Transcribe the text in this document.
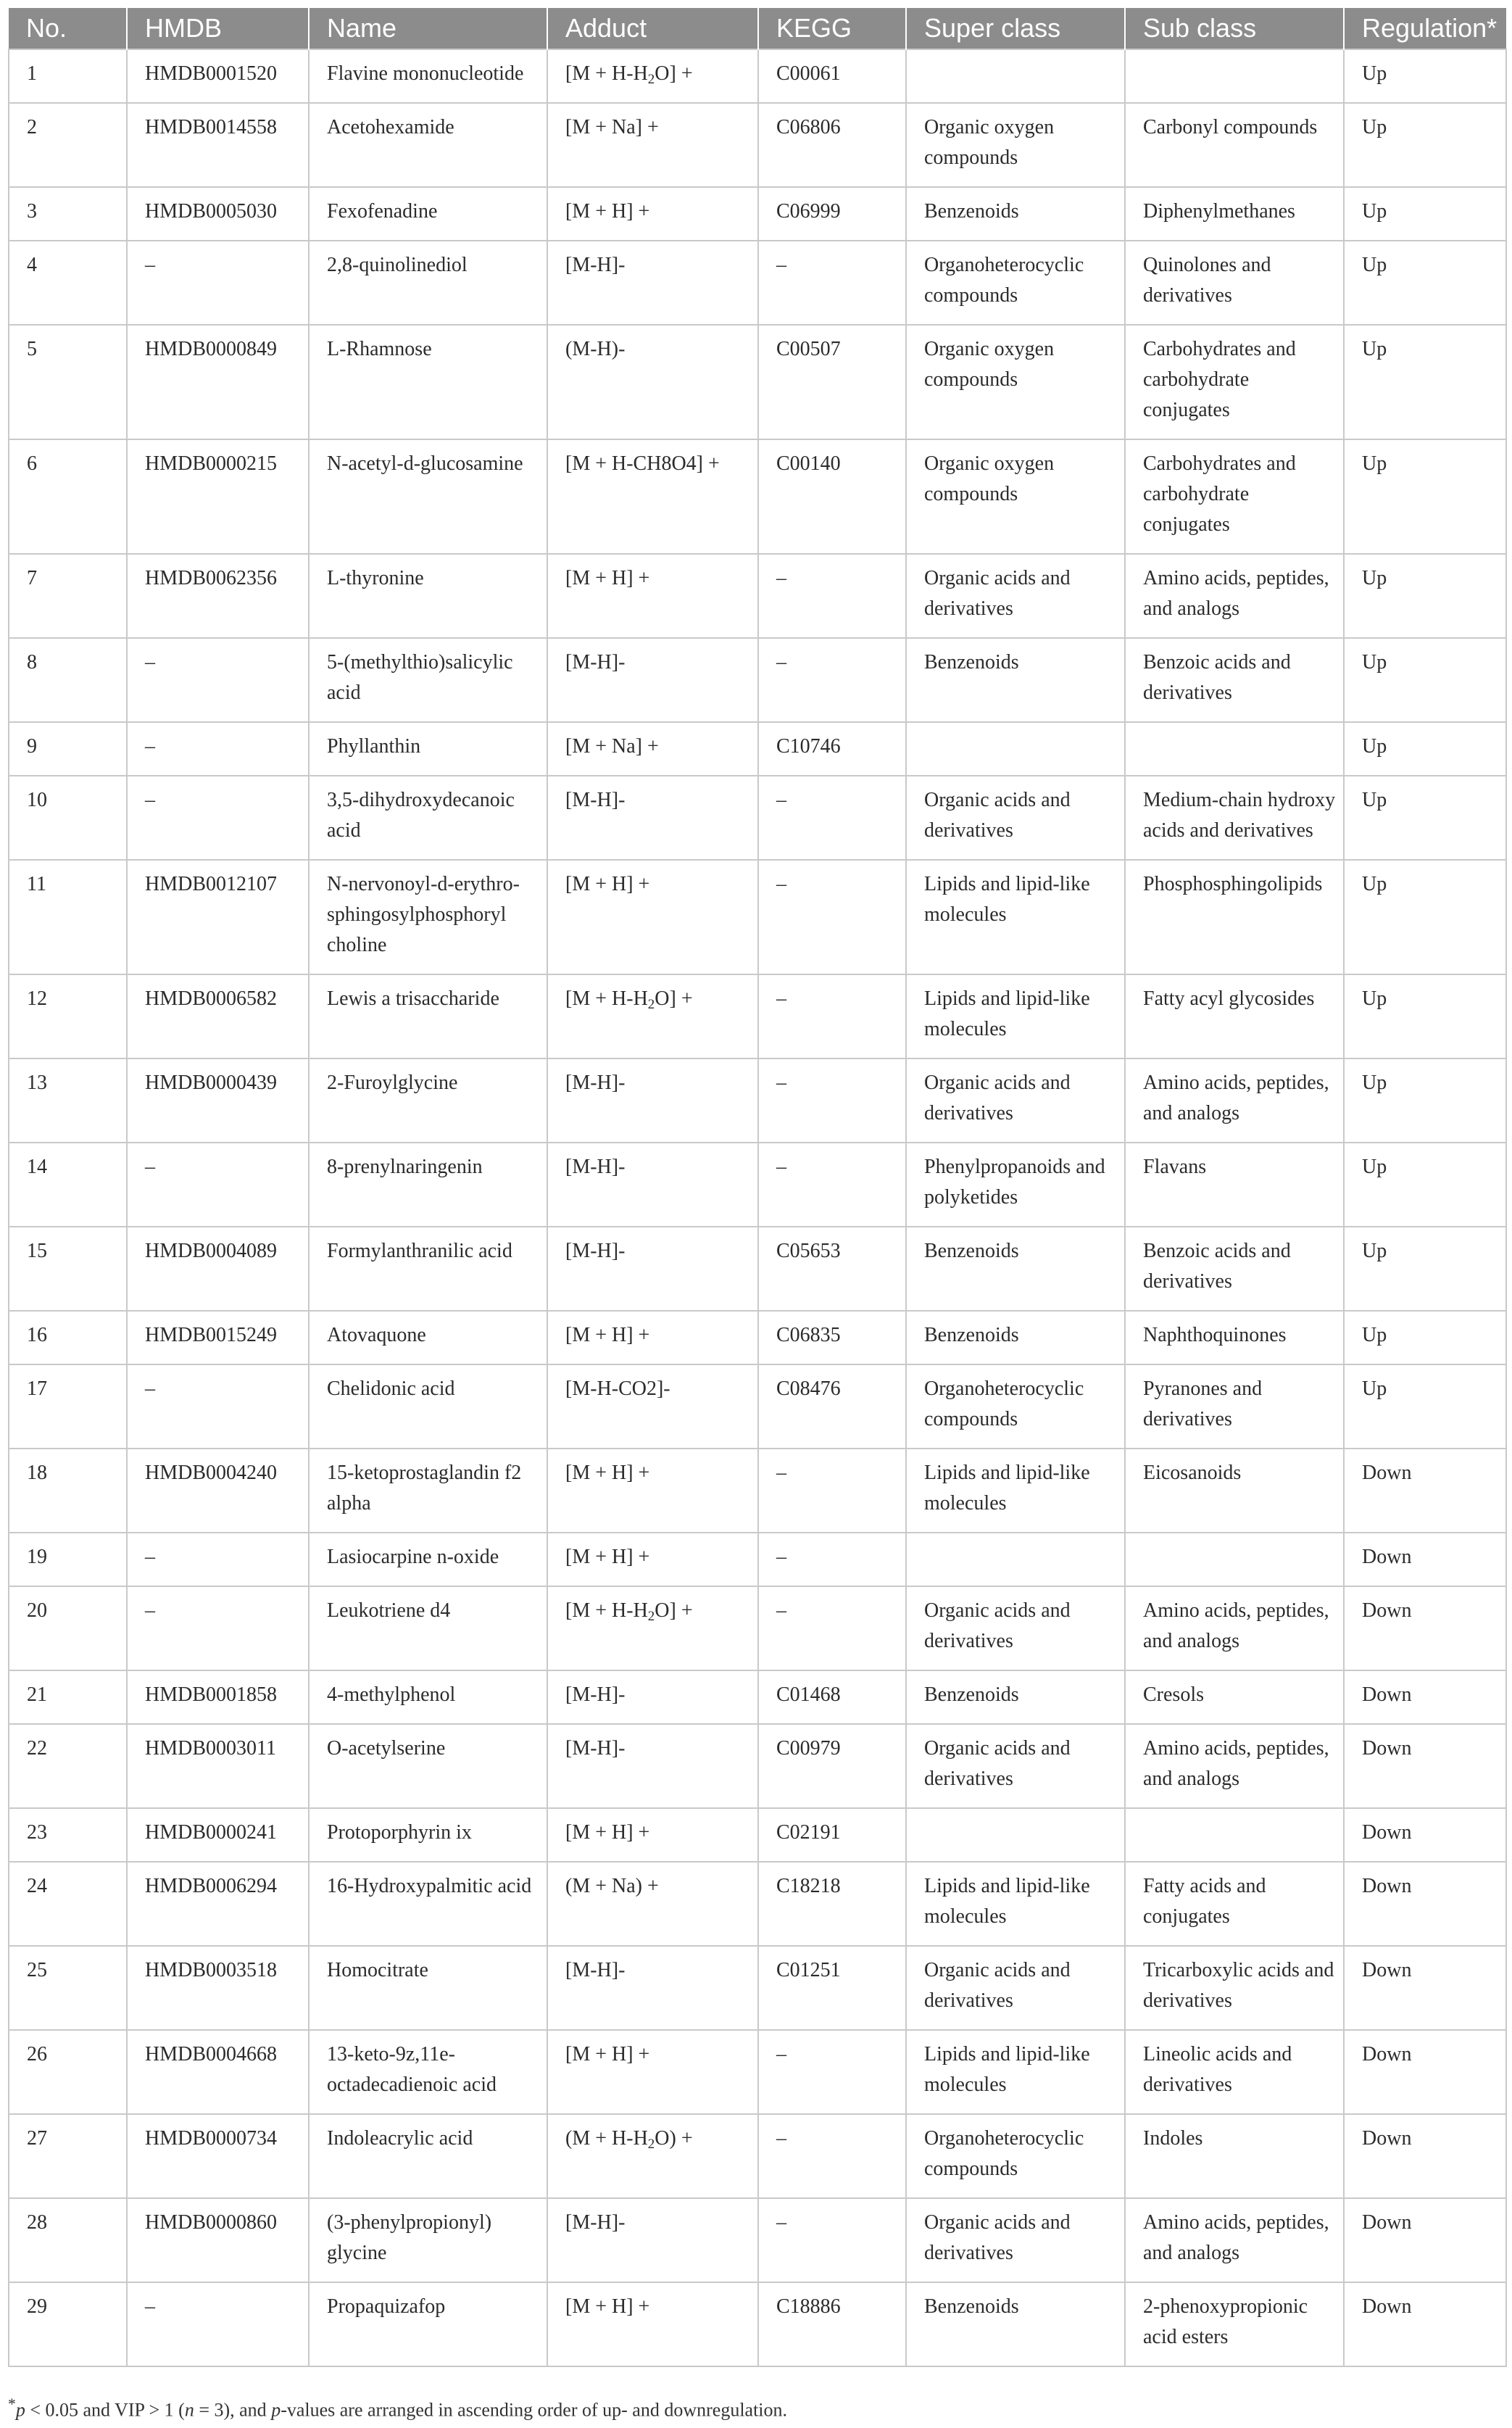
No.	HMDB	Name	Adduct	KEGG	Super class	Sub class	Regulation*
1	HMDB0001520	Flavine mononucleotide	$[M + H-H_2O]$ +	C00061			Up
2	HMDB0014558	Acetohexamide	[M + Na] +	C06806	Organic oxygen compounds	Carbonyl compounds	Up
3	HMDB0005030	Fexofenadine	[M + H] +	C06999	Benzenoids	Diphenylmethanes	Up
4	–	2,8-quinolinediol	[M-H]-	–	Organoheterocyclic compounds	Quinolones and derivatives	Up
5	HMDB0000849	L-Rhamnose	(M-H)-	C00507	Organic oxygen compounds	Carbohydrates and carbohydrate conjugates	Up
6	HMDB0000215	N-acetyl-d-glucosamine	[M + H-CH8O4] +	C00140	Organic oxygen compounds	Carbohydrates and carbohydrate conjugates	Up
7	HMDB0062356	L-thyronine	[M + H] +	–	Organic acids and derivatives	Amino acids, peptides, and analogs	Up
8	–	5-(methylthio)salicylic acid	[M-H]-	–	Benzenoids	Benzoic acids and derivatives	Up
9	–	Phyllanthin	[M + Na] +	C10746			Up
10	–	3,5-dihydroxydecanoic acid	[M-H]-	–	Organic acids and derivatives	Medium-chain hydroxy acids and derivatives	Up
11	HMDB0012107	N-nervonoyl-d-erythro-sphingosylphosphoryl choline	[M + H] +	–	Lipids and lipid-like molecules	Phosphosphingolipids	Up
12	HMDB0006582	Lewis a trisaccharide	$[M + H-H_2O]$ +	–	Lipids and lipid-like molecules	Fatty acyl glycosides	Up
13	HMDB0000439	2-Furoylglycine	[M-H]-	–	Organic acids and derivatives	Amino acids, peptides, and analogs	Up
14	–	8-prenylnaringenin	[M-H]-	–	Phenylpropanoids and polyketides	Flavans	Up
15	HMDB0004089	Formylanthranilic acid	[M-H]-	C05653	Benzenoids	Benzoic acids and derivatives	Up
16	HMDB0015249	Atovaquone	[M + H] +	C06835	Benzenoids	Naphthoquinones	Up
17	–	Chelidonic acid	[M-H-CO2]-	C08476	Organoheterocyclic compounds	Pyranones and derivatives	Up
18	HMDB0004240	15-ketoprostaglandin f2 alpha	[M + H] +	–	Lipids and lipid-like molecules	Eicosanoids	Down
19	–	Lasiocarpine n-oxide	[M + H] +	–			Down
20	–	Leukotriene d4	$[M + H-H_2O]$ +	–	Organic acids and derivatives	Amino acids, peptides, and analogs	Down
21	HMDB0001858	4-methylphenol	[M-H]-	C01468	Benzenoids	Cresols	Down
22	HMDB0003011	O-acetylserine	[M-H]-	C00979	Organic acids and derivatives	Amino acids, peptides, and analogs	Down
23	HMDB0000241	Protoporphyrin ix	[M + H] +	C02191			Down
24	HMDB0006294	16-Hydroxypalmitic acid	(M + Na) +	C18218	Lipids and lipid-like molecules	Fatty acids and conjugates	Down
25	HMDB0003518	Homocitrate	[M-H]-	C01251	Organic acids and derivatives	Tricarboxylic acids and derivatives	Down
26	HMDB0004668	13-keto-9z,11e-octadecadienoic acid	[M + H] +	–	Lipids and lipid-like molecules	Lineolic acids and derivatives	Down
27	HMDB0000734	Indoleacrylic acid	$(M + H-H_2O)$ +	–	Organoheterocyclic compounds	Indoles	Down
28	HMDB0000860	(3-phenylpropionyl) glycine	[M-H]-	–	Organic acids and derivatives	Amino acids, peptides, and analogs	Down
29	–	Propaquizafop	[M + H] +	C18886	Benzenoids	2-phenoxypropionic acid esters	Down
*p < 0.05 and VIP > 1 (n = 3), and p-values are arranged in ascending order of up- and downregulation.
